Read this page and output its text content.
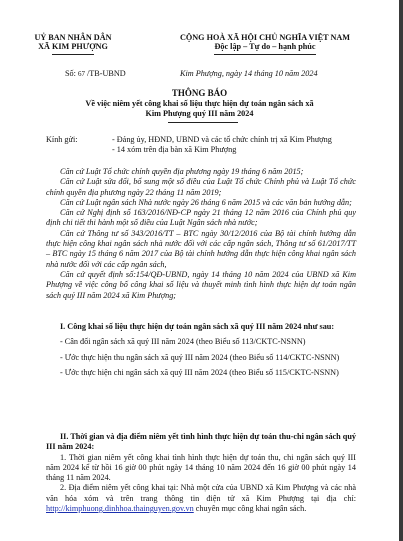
UỶ BAN NHÂN DÂN
XÃ KIM PHƯỢNG
CỘNG HOÀ XÃ HỘI CHỦ NGHĨA VIỆT NAM
Độc lập – Tự do – hạnh phúc
Số: 67 /TB-UBND	Kim Phượng, ngày 14 tháng 10 năm 2024
THÔNG BÁO
Về việc niêm yết công khai số liệu thực hiện dự toán ngân sách xã
Kim Phượng quý III năm 2024
Kính gửi:	- Đảng ủy, HĐND, UBND và các tổ chức chính trị xã Kim Phượng
- 14 xóm trên địa bàn xã Kim Phượng
Căn cứ Luật Tổ chức chính quyền địa phương ngày 19 tháng 6 năm 2015;
Căn cứ Luật sửa đổi, bổ sung một số điều của Luật Tổ chức Chính phủ và Luật Tổ chức chính quyền địa phương ngày 22 tháng 11 năm 2019;
Căn cứ Luật ngân sách Nhà nước ngày 26 tháng 6 năm 2015 và các văn bản hướng dẫn;
Căn cứ Nghị định số 163/2016/NĐ-CP ngày 21 tháng 12 năm 2016 của Chính phủ quy định chi tiết thi hành một số điều của Luật Ngân sách nhà nước;
Căn cứ Thông tư số 343/2016/TT – BTC ngày 30/12/2016 của Bộ tài chính hướng dẫn thực hiện công khai ngân sách nhà nước đối với các cấp ngân sách, Thông tư số 61/2017/TT – BTC ngày 15 tháng 6 năm 2017 của Bộ tài chính hướng dẫn thực hiện công khai ngân sách nhà nước đối với các cấp ngân sách,
Căn cứ quyết định số:154/QĐ-UBND, ngày 14 tháng 10 năm 2024 của UBND xã Kim Phượng về việc công bố công khai số liệu và thuyết minh tình hình thực hiện dự toán ngân sách quý III năm 2024 xã Kim Phượng;
I. Công khai số liệu thực hiện dự toán ngân sách xã quý III năm 2024 như sau:
- Cân đối ngân sách xã quý III năm 2024 (theo Biểu số 113/CKTC-NSNN)
- Ước thực hiện thu ngân sách xã quý III năm 2024 (theo Biểu số 114/CKTC-NSNN)
- Ước thực hiện chi ngân sách xã quý III năm 2024 (theo Biểu số 115/CKTC-NSNN)
II. Thời gian và địa điểm niêm yết tình hình thực hiện dự toán thu-chi ngân sách quý III năm 2024:
1. Thời gian niêm yết công khai tình hình thực hiện dự toán thu, chi ngân sách quý III năm 2024 kể từ hồi 16 giờ 00 phút ngày 14 tháng 10 năm 2024 đến 16 giờ 00 phút ngày 14 tháng 11 năm 2024.
2. Địa điểm niêm yết công khai tại: Nhà một cửa của UBND xã Kim Phượng và các nhà văn hóa xóm và trên trang thông tin điện tử xã Kim Phượng tại địa chỉ: http://kimphuong.dinhhoa.thainguyen.gov.vn chuyên mục công khai ngân sách.
